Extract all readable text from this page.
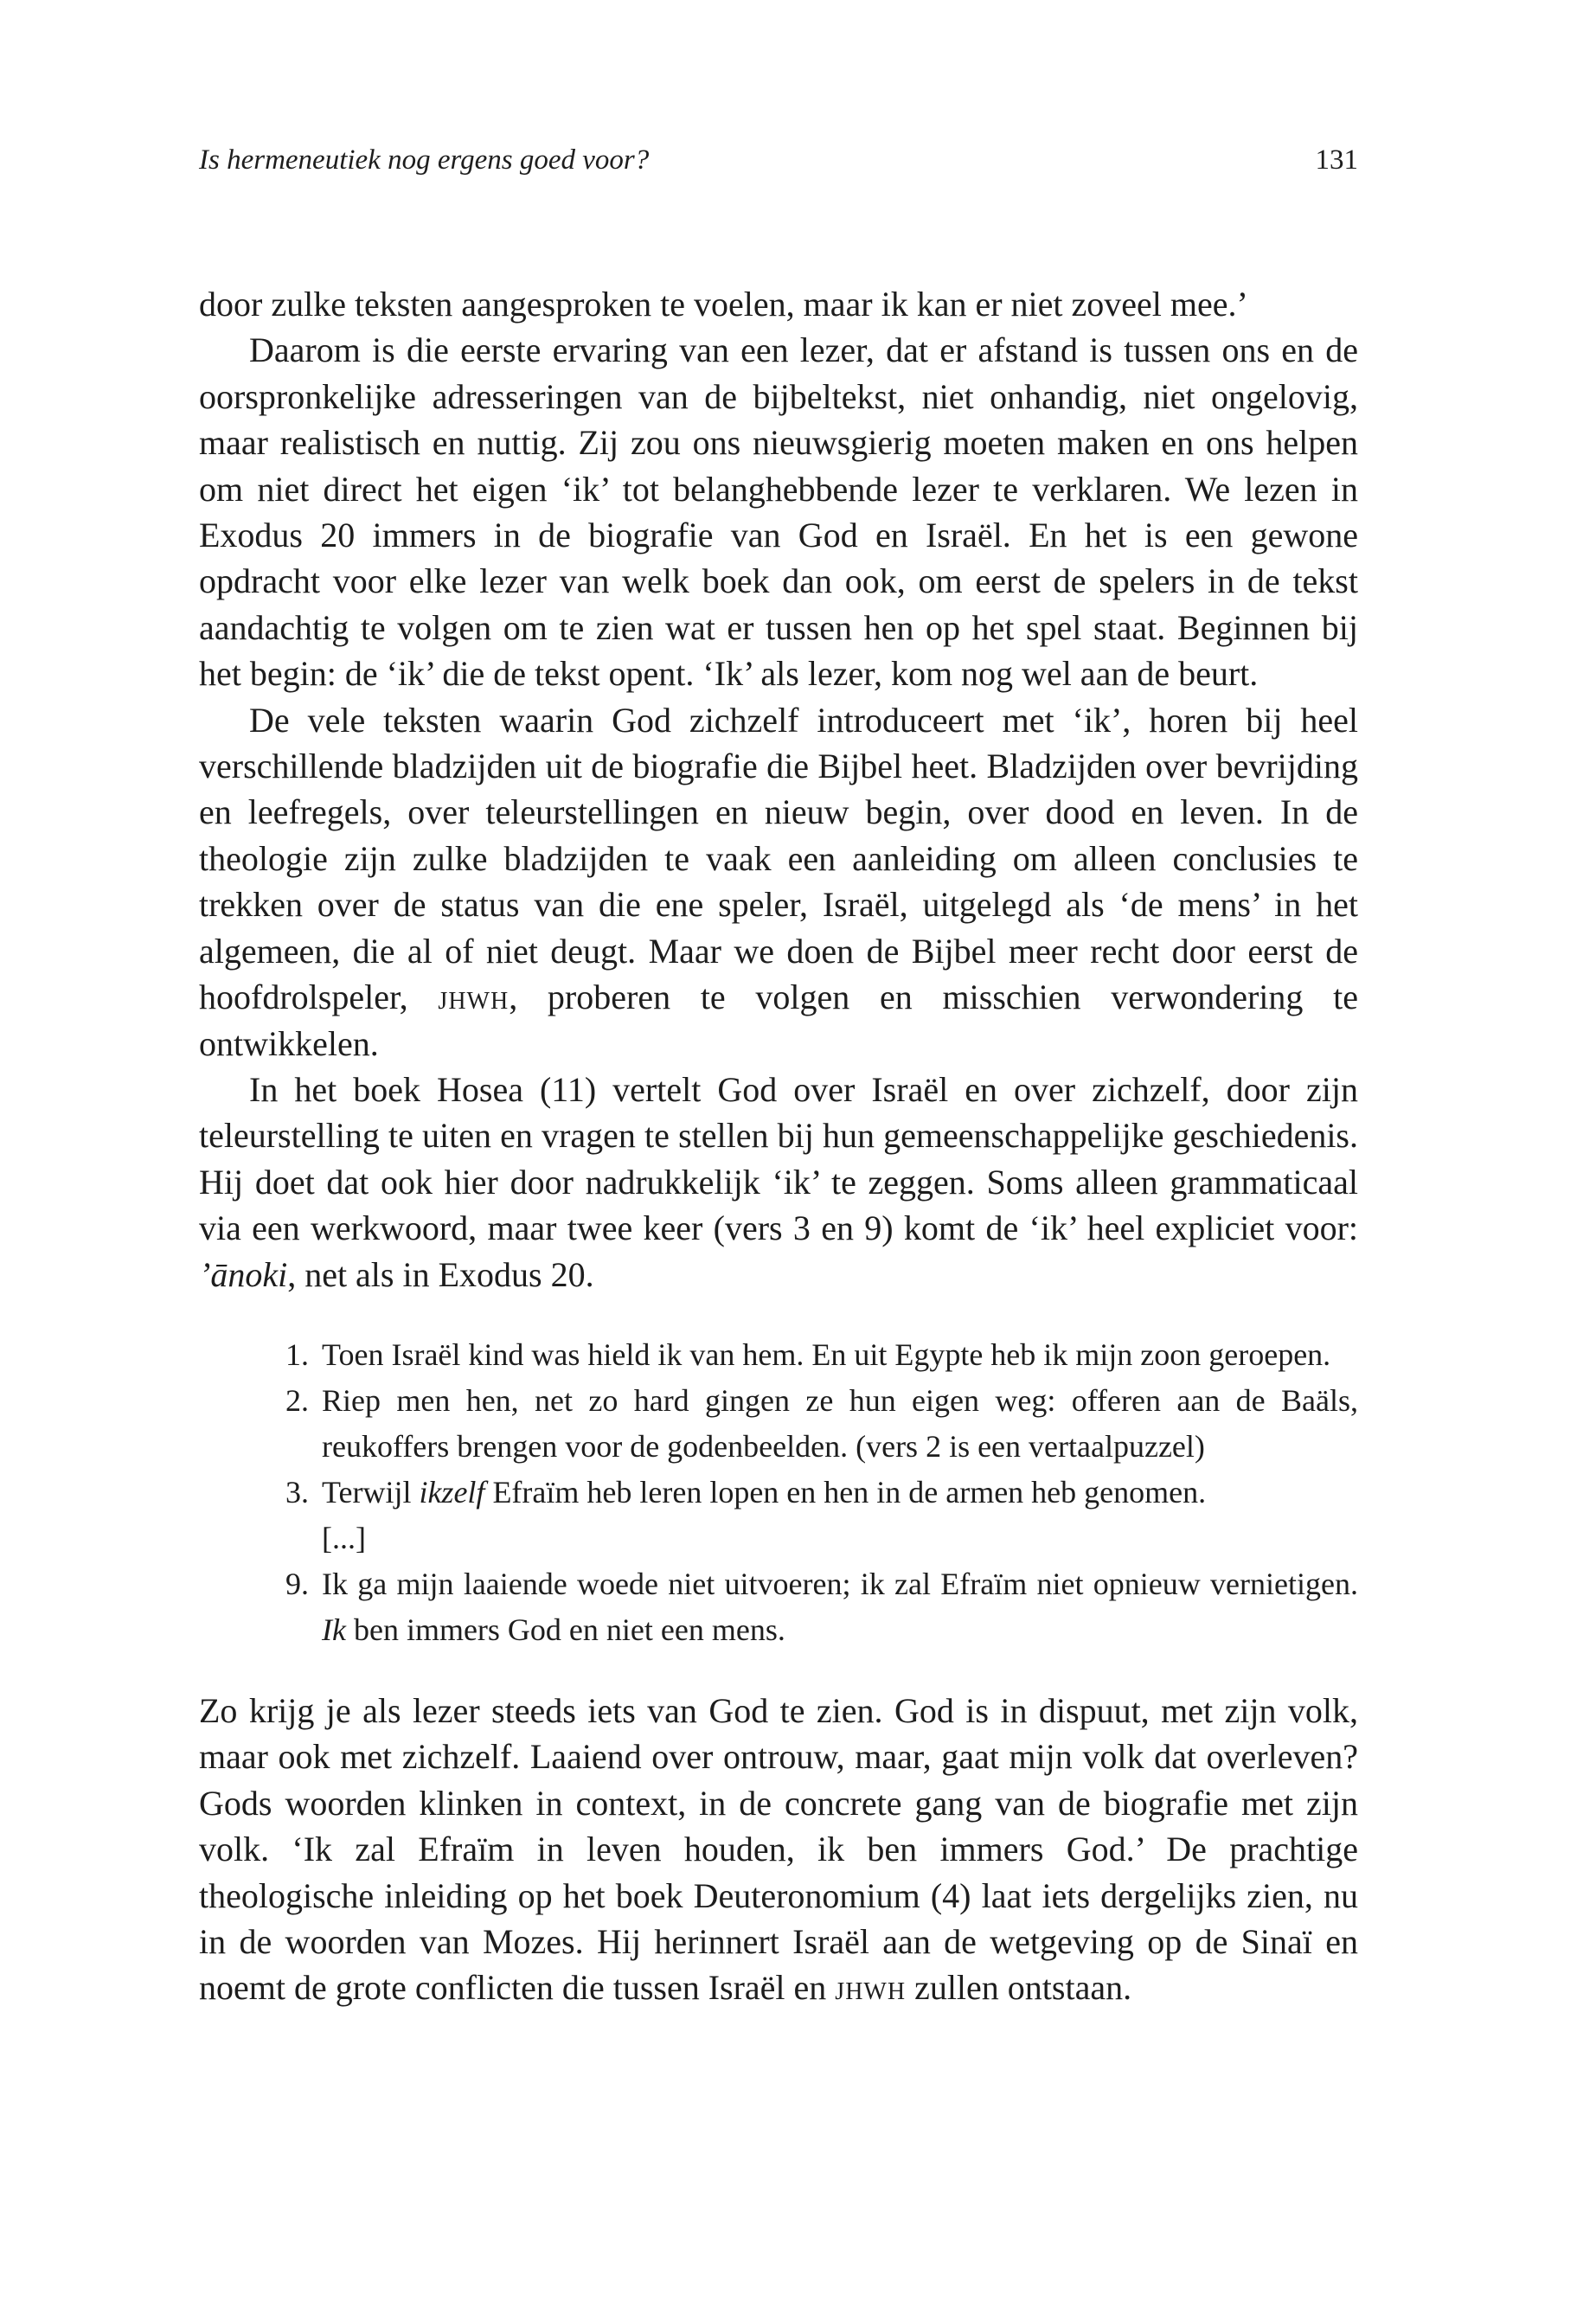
Is hermeneutiek nog ergens goed voor?	131

door zulke teksten aangesproken te voelen, maar ik kan er niet zoveel mee.’

Daarom is die eerste ervaring van een lezer, dat er afstand is tussen ons en de oorspronkelijke adresseringen van de bijbeltekst, niet onhandig, niet ongelovig, maar realistisch en nuttig. Zij zou ons nieuwsgierig moeten maken en ons helpen om niet direct het eigen ‘ik’ tot belanghebbende lezer te verklaren. We lezen in Exodus 20 immers in de biografie van God en Israël. En het is een gewone opdracht voor elke lezer van welk boek dan ook, om eerst de spelers in de tekst aandachtig te volgen om te zien wat er tussen hen op het spel staat. Beginnen bij het begin: de ‘ik’ die de tekst opent. ‘Ik’ als lezer, kom nog wel aan de beurt.

De vele teksten waarin God zichzelf introduceert met ‘ik’, horen bij heel verschillende bladzijden uit de biografie die Bijbel heet. Bladzijden over bevrijding en leefregels, over teleurstellingen en nieuw begin, over dood en leven. In de theologie zijn zulke bladzijden te vaak een aanleiding om alleen conclusies te trekken over de status van die ene speler, Israël, uitgelegd als ‘de mens’ in het algemeen, die al of niet deugt. Maar we doen de Bijbel meer recht door eerst de hoofdrolspeler, jhwh, proberen te volgen en misschien verwondering te ontwikkelen.

In het boek Hosea (11) vertelt God over Israël en over zichzelf, door zijn teleurstelling te uiten en vragen te stellen bij hun gemeenschappelijke geschiedenis. Hij doet dat ook hier door nadrukkelijk ‘ik’ te zeggen. Soms alleen grammaticaal via een werkwoord, maar twee keer (vers 3 en 9) komt de ‘ik’ heel expliciet voor: ’ānoki, net als in Exodus 20.

1. Toen Israël kind was hield ik van hem. En uit Egypte heb ik mijn zoon geroepen.
2. Riep men hen, net zo hard gingen ze hun eigen weg: offeren aan de Baäls, reukoffers brengen voor de godenbeelden. (vers 2 is een vertaalpuzzel)
3. Terwijl ikzelf Efraïm heb leren lopen en hen in de armen heb genomen.
[...]
9. Ik ga mijn laaiende woede niet uitvoeren; ik zal Efraïm niet opnieuw vernietigen. Ik ben immers God en niet een mens.

Zo krijg je als lezer steeds iets van God te zien. God is in dispuut, met zijn volk, maar ook met zichzelf. Laaiend over ontrouw, maar, gaat mijn volk dat overleven? Gods woorden klinken in context, in de concrete gang van de biografie met zijn volk. ‘Ik zal Efraïm in leven houden, ik ben immers God.’ De prachtige theologische inleiding op het boek Deuteronomium (4) laat iets dergelijks zien, nu in de woorden van Mozes. Hij herinnert Israël aan de wetgeving op de Sinaï en noemt de grote conflicten die tussen Israël en jhwh zullen ontstaan.
